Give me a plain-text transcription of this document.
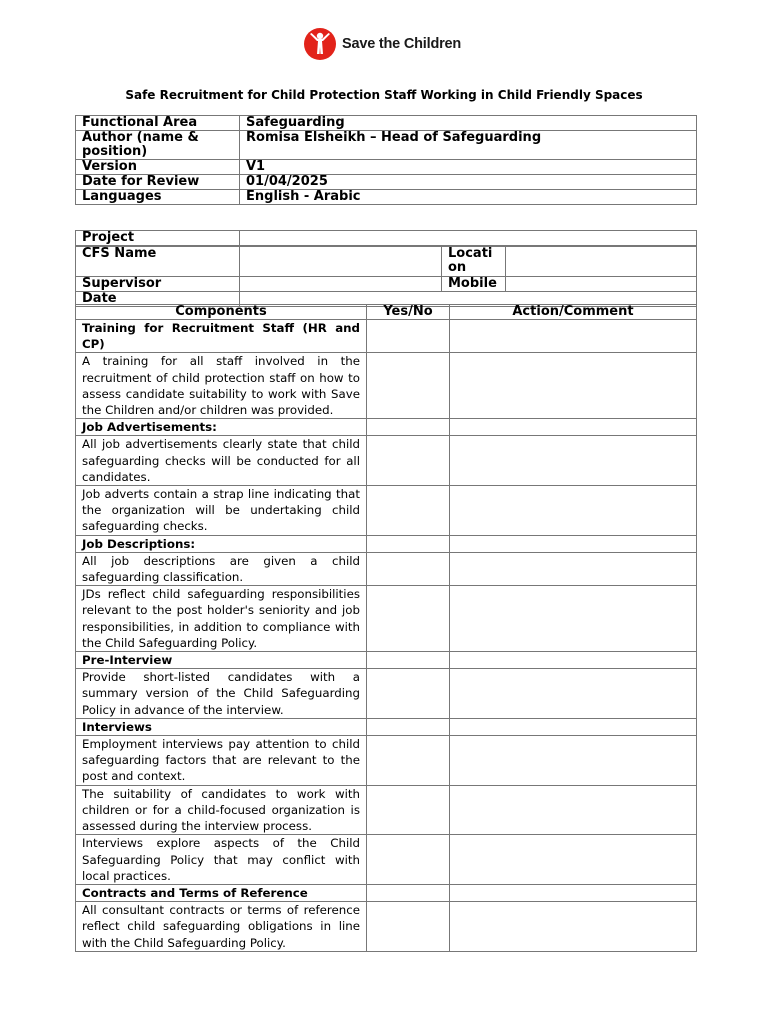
Save the Children
Safe Recruitment for Child Protection Staff Working in Child Friendly Spaces
Functional Area	Safeguarding
Author (name & position)	Romisa Elsheikh – Head of Safeguarding
Version	V1
Date for Review	01/04/2025
Languages	English - Arabic
Project			
CFS Name		Location	
Supervisor		Mobile	
Date			
Components	Yes/No	Action/Comment
Training for Recruitment Staff (HR and CP)		
A training for all staff involved in the recruitment of child protection staff on how to assess candidate suitability to work with Save the Children and/or children was provided.		
Job Advertisements:		
All job advertisements clearly state that child safeguarding checks will be conducted for all candidates.		
Job adverts contain a strap line indicating that the organization will be undertaking child safeguarding checks.		
Job Descriptions:		
All job descriptions are given a child safeguarding classification.		
JDs reflect child safeguarding responsibilities relevant to the post holder's seniority and job responsibilities, in addition to compliance with the Child Safeguarding Policy.		
Pre-Interview		
Provide short-listed candidates with a summary version of the Child Safeguarding Policy in advance of the interview.		
Interviews		
Employment interviews pay attention to child safeguarding factors that are relevant to the post and context.		
The suitability of candidates to work with children or for a child-focused organization is assessed during the interview process.		
Interviews explore aspects of the Child Safeguarding Policy that may conflict with local practices.		
Contracts and Terms of Reference		
All consultant contracts or terms of reference reflect child safeguarding obligations in line with the Child Safeguarding Policy.		
